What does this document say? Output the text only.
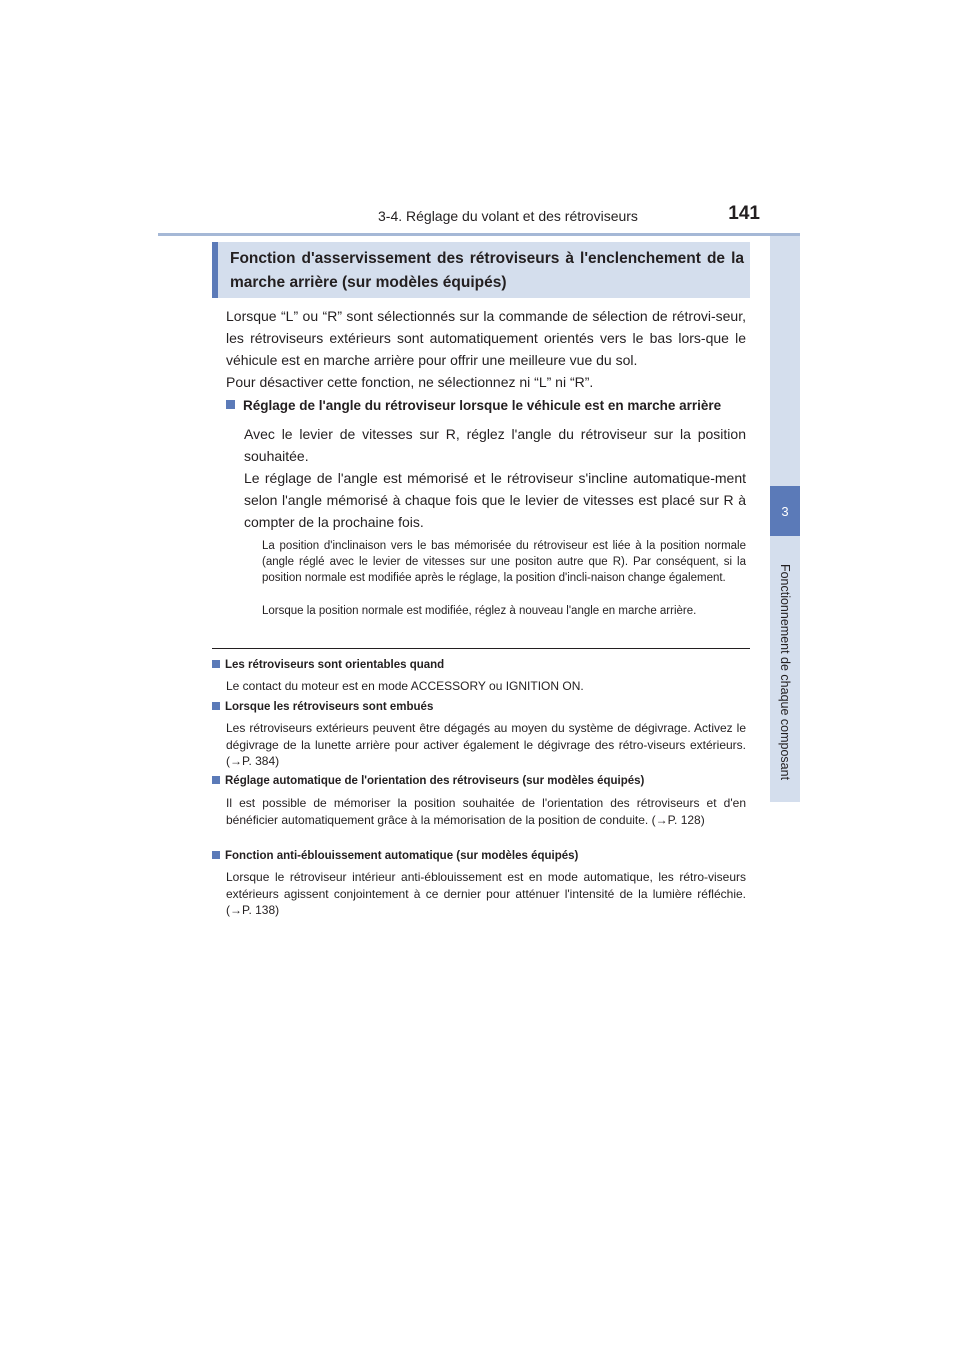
3-4. Réglage du volant et des rétroviseurs	141
3
Fonctionnement de chaque composant
Fonction d'asservissement des rétroviseurs à l'enclenchement de la marche arrière (sur modèles équipés)
Lorsque “L” ou “R” sont sélectionnés sur la commande de sélection de rétrovi-seur, les rétroviseurs extérieurs sont automatiquement orientés vers le bas lors-que le véhicule est en marche arrière pour offrir une meilleure vue du sol.
Pour désactiver cette fonction, ne sélectionnez ni “L” ni “R”.
Réglage de l'angle du rétroviseur lorsque le véhicule est en marche arrière
Avec le levier de vitesses sur R, réglez l'angle du rétroviseur sur la position souhaitée.
Le réglage de l'angle est mémorisé et le rétroviseur s'incline automatique-ment selon l'angle mémorisé à chaque fois que le levier de vitesses est placé sur R à compter de la prochaine fois.
La position d'inclinaison vers le bas mémorisée du rétroviseur est liée à la position normale (angle réglé avec le levier de vitesses sur une positon autre que R). Par conséquent, si la position normale est modifiée après le réglage, la position d'incli-naison change également.
Lorsque la position normale est modifiée, réglez à nouveau l'angle en marche arrière.
Les rétroviseurs sont orientables quand
Le contact du moteur est en mode ACCESSORY ou IGNITION ON.
Lorsque les rétroviseurs sont embués
Les rétroviseurs extérieurs peuvent être dégagés au moyen du système de dégivrage. Activez le dégivrage de la lunette arrière pour activer également le dégivrage des rétro-viseurs extérieurs. (→P. 384)
Réglage automatique de l'orientation des rétroviseurs (sur modèles équipés)
Il est possible de mémoriser la position souhaitée de l'orientation des rétroviseurs et d'en bénéficier automatiquement grâce à la mémorisation de la position de conduite. (→P. 128)
Fonction anti-éblouissement automatique (sur modèles équipés)
Lorsque le rétroviseur intérieur anti-éblouissement est en mode automatique, les rétro-viseurs extérieurs agissent conjointement à ce dernier pour atténuer l'intensité de la lumière réfléchie. (→P. 138)
